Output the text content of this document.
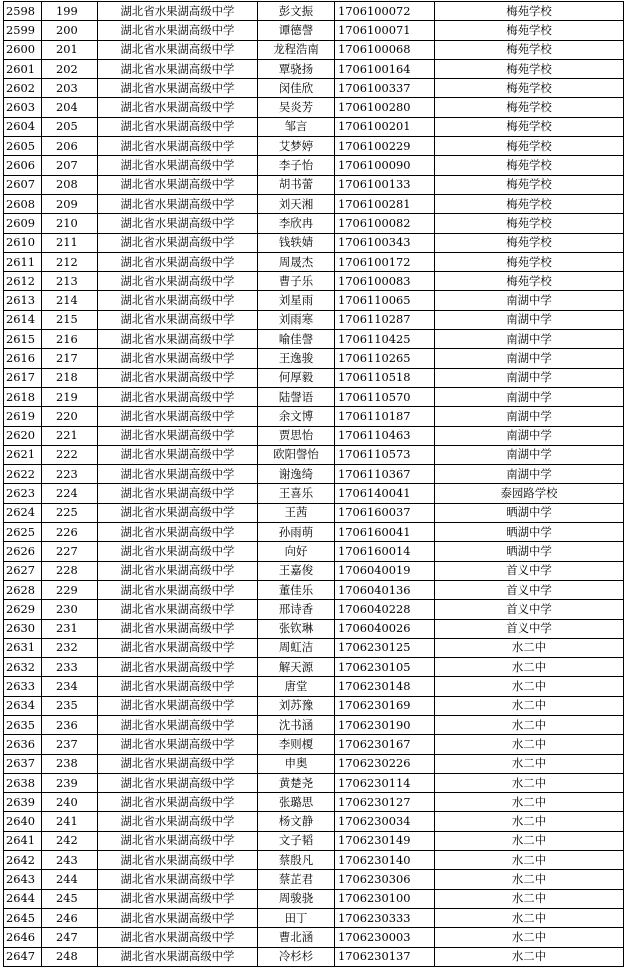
2598	199	湖北省水果湖高级中学	彭文振	1706100072	梅苑学校
2599	200	湖北省水果湖高级中学	谭德謦	1706100071	梅苑学校
2600	201	湖北省水果湖高级中学	龙程浩南	1706100068	梅苑学校
2601	202	湖北省水果湖高级中学	覃骁扬	1706100164	梅苑学校
2602	203	湖北省水果湖高级中学	闵佳欣	1706100337	梅苑学校
2603	204	湖北省水果湖高级中学	吴炎芳	1706100280	梅苑学校
2604	205	湖北省水果湖高级中学	邹言	1706100201	梅苑学校
2605	206	湖北省水果湖高级中学	艾梦婷	1706100229	梅苑学校
2606	207	湖北省水果湖高级中学	李子怡	1706100090	梅苑学校
2607	208	湖北省水果湖高级中学	胡书蕾	1706100133	梅苑学校
2608	209	湖北省水果湖高级中学	刘天湘	1706100281	梅苑学校
2609	210	湖北省水果湖高级中学	李欣冉	1706100082	梅苑学校
2610	211	湖北省水果湖高级中学	钱轶婧	1706100343	梅苑学校
2611	212	湖北省水果湖高级中学	周晟杰	1706100172	梅苑学校
2612	213	湖北省水果湖高级中学	曹子乐	1706100083	梅苑学校
2613	214	湖北省水果湖高级中学	刘星雨	1706110065	南湖中学
2614	215	湖北省水果湖高级中学	刘雨寒	1706110287	南湖中学
2615	216	湖北省水果湖高级中学	喻佳謦	1706110425	南湖中学
2616	217	湖北省水果湖高级中学	王逸骏	1706110265	南湖中学
2617	218	湖北省水果湖高级中学	何厚毅	1706110518	南湖中学
2618	219	湖北省水果湖高级中学	陆謦语	1706110570	南湖中学
2619	220	湖北省水果湖高级中学	余文博	1706110187	南湖中学
2620	221	湖北省水果湖高级中学	贾思怡	1706110463	南湖中学
2621	222	湖北省水果湖高级中学	欧阳謦怡	1706110573	南湖中学
2622	223	湖北省水果湖高级中学	谢逸绮	1706110367	南湖中学
2623	224	湖北省水果湖高级中学	王喜乐	1706140041	泰园路学校
2624	225	湖北省水果湖高级中学	王茜	1706160037	晒湖中学
2625	226	湖北省水果湖高级中学	孙雨萌	1706160041	晒湖中学
2626	227	湖北省水果湖高级中学	向好	1706160014	晒湖中学
2627	228	湖北省水果湖高级中学	王嘉俊	1706040019	首义中学
2628	229	湖北省水果湖高级中学	董佳乐	1706040136	首义中学
2629	230	湖北省水果湖高级中学	邢诗香	1706040228	首义中学
2630	231	湖北省水果湖高级中学	张钦琳	1706040026	首义中学
2631	232	湖北省水果湖高级中学	周虹洁	1706230125	水二中
2632	233	湖北省水果湖高级中学	解天源	1706230105	水二中
2633	234	湖北省水果湖高级中学	唐堂	1706230148	水二中
2634	235	湖北省水果湖高级中学	刘苏豫	1706230169	水二中
2635	236	湖北省水果湖高级中学	沈书涵	1706230190	水二中
2636	237	湖北省水果湖高级中学	李则榎	1706230167	水二中
2637	238	湖北省水果湖高级中学	申奥	1706230226	水二中
2638	239	湖北省水果湖高级中学	黄楚尧	1706230114	水二中
2639	240	湖北省水果湖高级中学	张璐思	1706230127	水二中
2640	241	湖北省水果湖高级中学	杨文静	1706230034	水二中
2641	242	湖北省水果湖高级中学	文子韬	1706230149	水二中
2642	243	湖北省水果湖高级中学	蔡殷凡	1706230140	水二中
2643	244	湖北省水果湖高级中学	蔡芷君	1706230306	水二中
2644	245	湖北省水果湖高级中学	周骏骁	1706230100	水二中
2645	246	湖北省水果湖高级中学	田丁	1706230333	水二中
2646	247	湖北省水果湖高级中学	曹北涵	1706230003	水二中
2647	248	湖北省水果湖高级中学	冷杉杉	1706230137	水二中
